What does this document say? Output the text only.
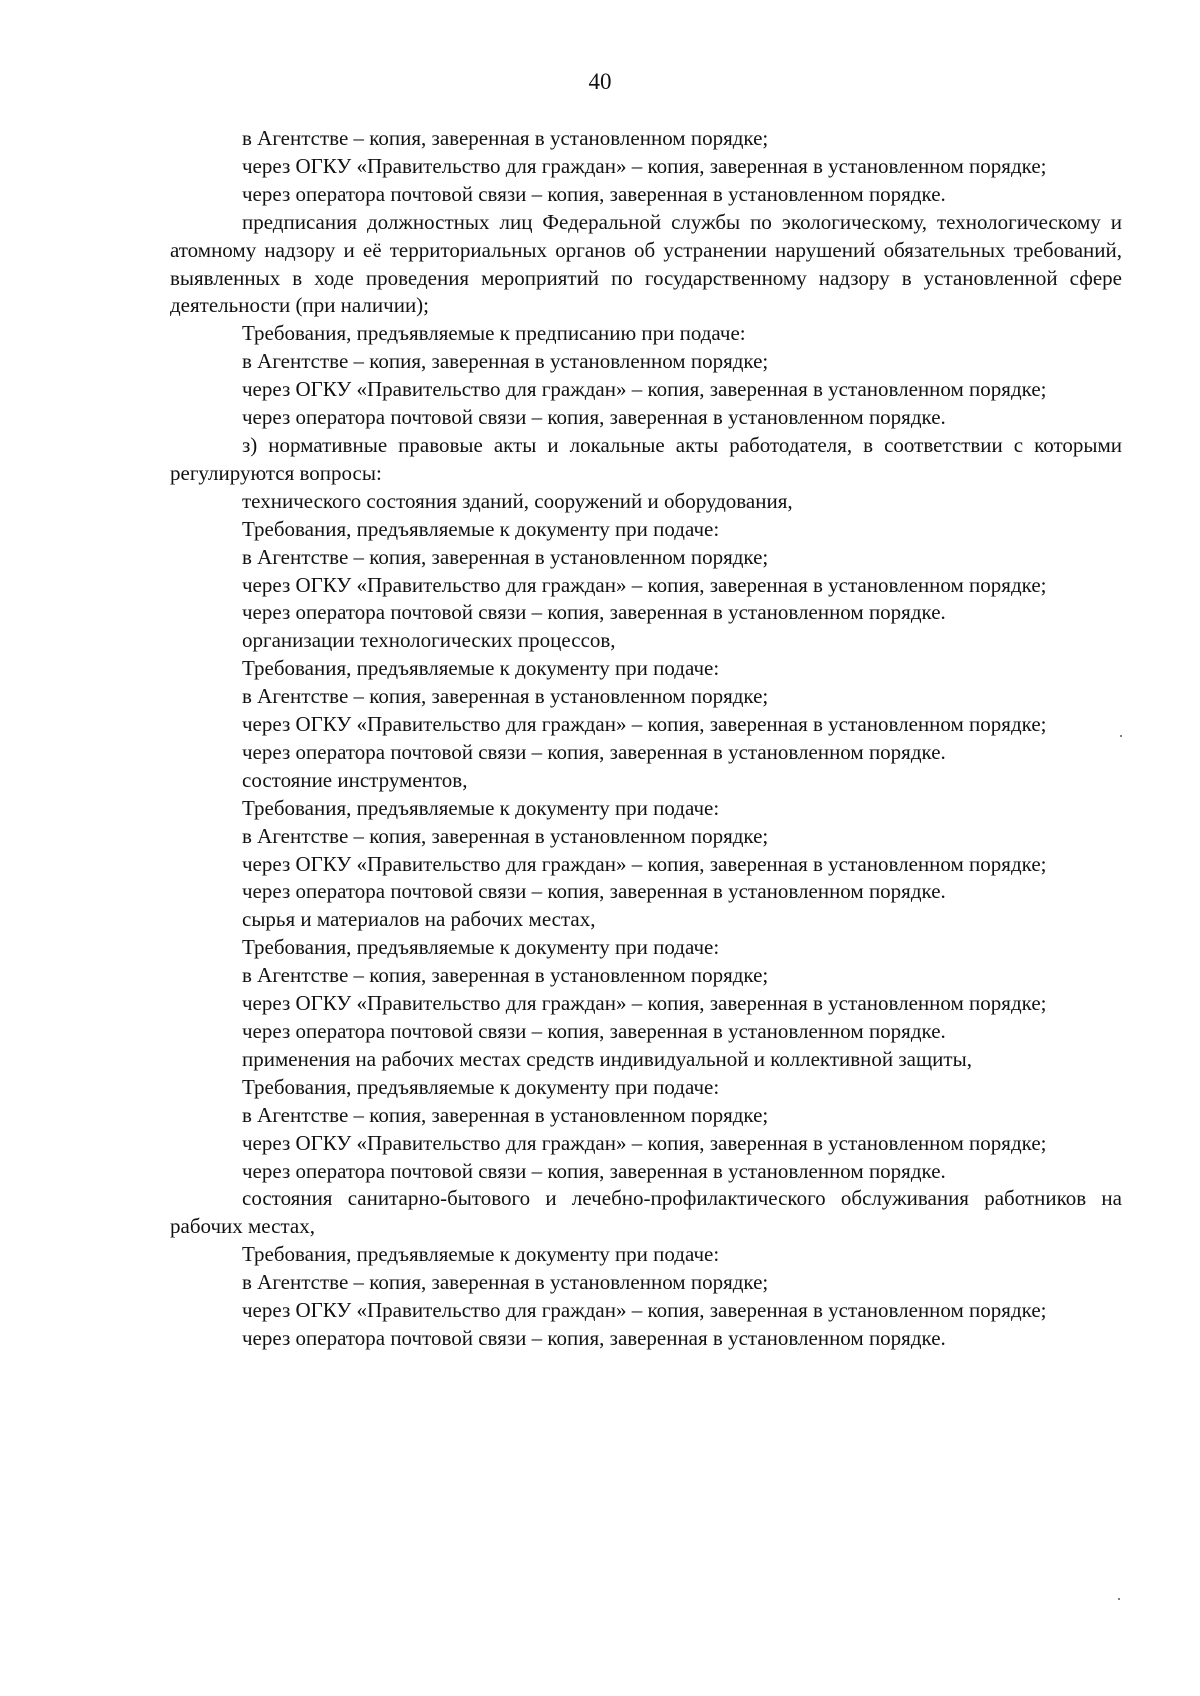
40

в Агентстве – копия, заверенная в установленном порядке;

через ОГКУ «Правительство для граждан» – копия, заверенная в установленном порядке;

через оператора почтовой связи – копия, заверенная в установленном порядке.

предписания должностных лиц Федеральной службы по экологическому, технологическому и атомному надзору и её территориальных органов об устранении нарушений обязательных требований, выявленных в ходе проведения мероприятий по государственному надзору в установленной сфере деятельности (при наличии);

Требования, предъявляемые к предписанию при подаче:

в Агентстве – копия, заверенная в установленном порядке;

через ОГКУ «Правительство для граждан» – копия, заверенная в установленном порядке;

через оператора почтовой связи – копия, заверенная в установленном порядке.

з) нормативные правовые акты и локальные акты работодателя, в соответствии с которыми регулируются вопросы:

технического состояния зданий, сооружений и оборудования,

Требования, предъявляемые к документу при подаче:

в Агентстве – копия, заверенная в установленном порядке;

через ОГКУ «Правительство для граждан» – копия, заверенная в установленном порядке;

через оператора почтовой связи – копия, заверенная в установленном порядке.

организации технологических процессов,

Требования, предъявляемые к документу при подаче:

в Агентстве – копия, заверенная в установленном порядке;

через ОГКУ «Правительство для граждан» – копия, заверенная в установленном порядке;

через оператора почтовой связи – копия, заверенная в установленном порядке.

состояние инструментов,

Требования, предъявляемые к документу при подаче:

в Агентстве – копия, заверенная в установленном порядке;

через ОГКУ «Правительство для граждан» – копия, заверенная в установленном порядке;

через оператора почтовой связи – копия, заверенная в установленном порядке.

сырья и материалов на рабочих местах,

Требования, предъявляемые к документу при подаче:

в Агентстве – копия, заверенная в установленном порядке;

через ОГКУ «Правительство для граждан» – копия, заверенная в установленном порядке;

через оператора почтовой связи – копия, заверенная в установленном порядке.

применения на рабочих местах средств индивидуальной и коллективной защиты,

Требования, предъявляемые к документу при подаче:

в Агентстве – копия, заверенная в установленном порядке;

через ОГКУ «Правительство для граждан» – копия, заверенная в установленном порядке;

через оператора почтовой связи – копия, заверенная в установленном порядке.

состояния санитарно-бытового и лечебно-профилактического обслуживания работников на рабочих местах,

Требования, предъявляемые к документу при подаче:

в Агентстве – копия, заверенная в установленном порядке;

через ОГКУ «Правительство для граждан» – копия, заверенная в установленном порядке;

через оператора почтовой связи – копия, заверенная в установленном порядке.
